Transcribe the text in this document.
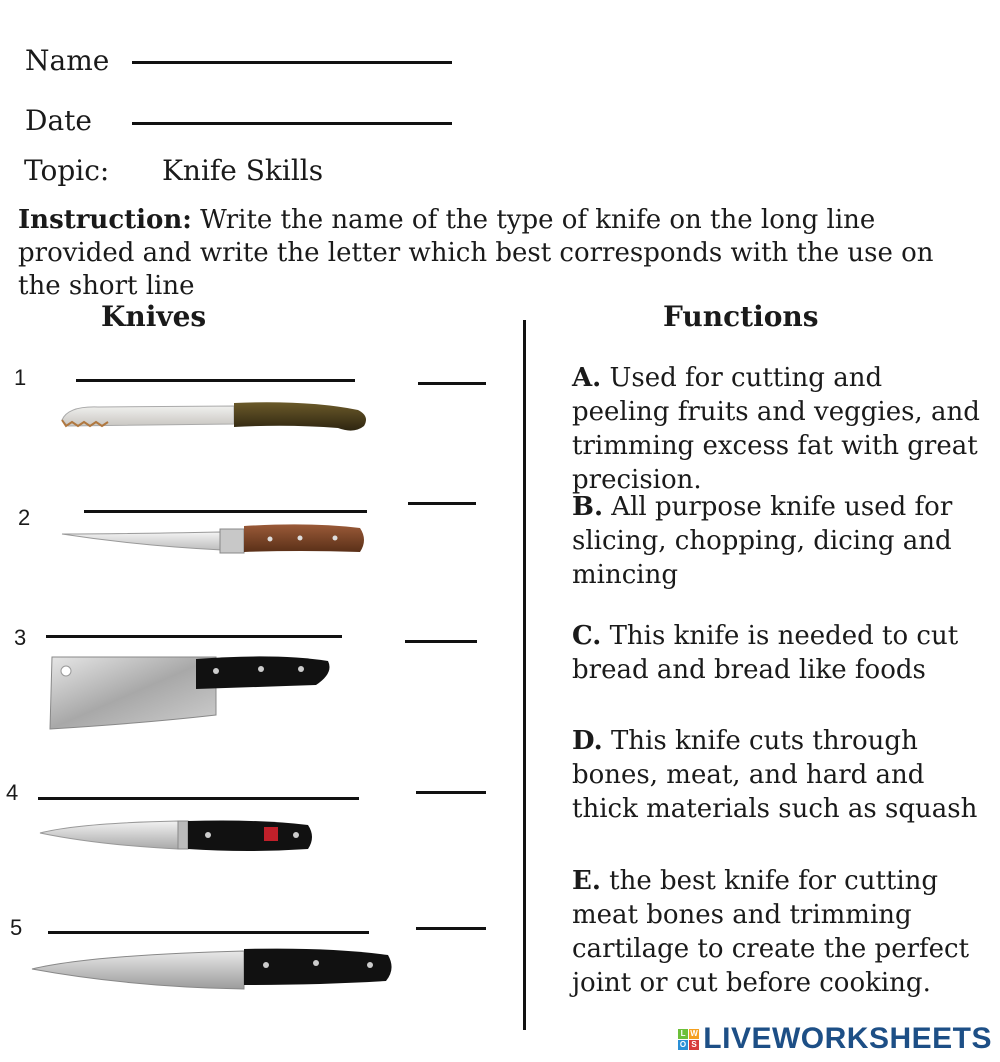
Name
Date
Topic: Knife Skills
Instruction: Write the name of the type of knife on the long line provided and write the letter which best corresponds with the use on the short line
Knives	Functions
1
2
3
4
5
A. Used for cutting and peeling fruits and veggies, and trimming excess fat with great precision.
B. All purpose knife used for slicing, chopping, dicing and mincing
C. This knife is needed to cut bread and bread like foods
D. This knife cuts through bones, meat, and hard and thick materials such as squash
E. the best knife for cutting meat bones and trimming cartilage to create the perfect joint or cut before cooking.
L W
O S LIVEWORKSHEETS
